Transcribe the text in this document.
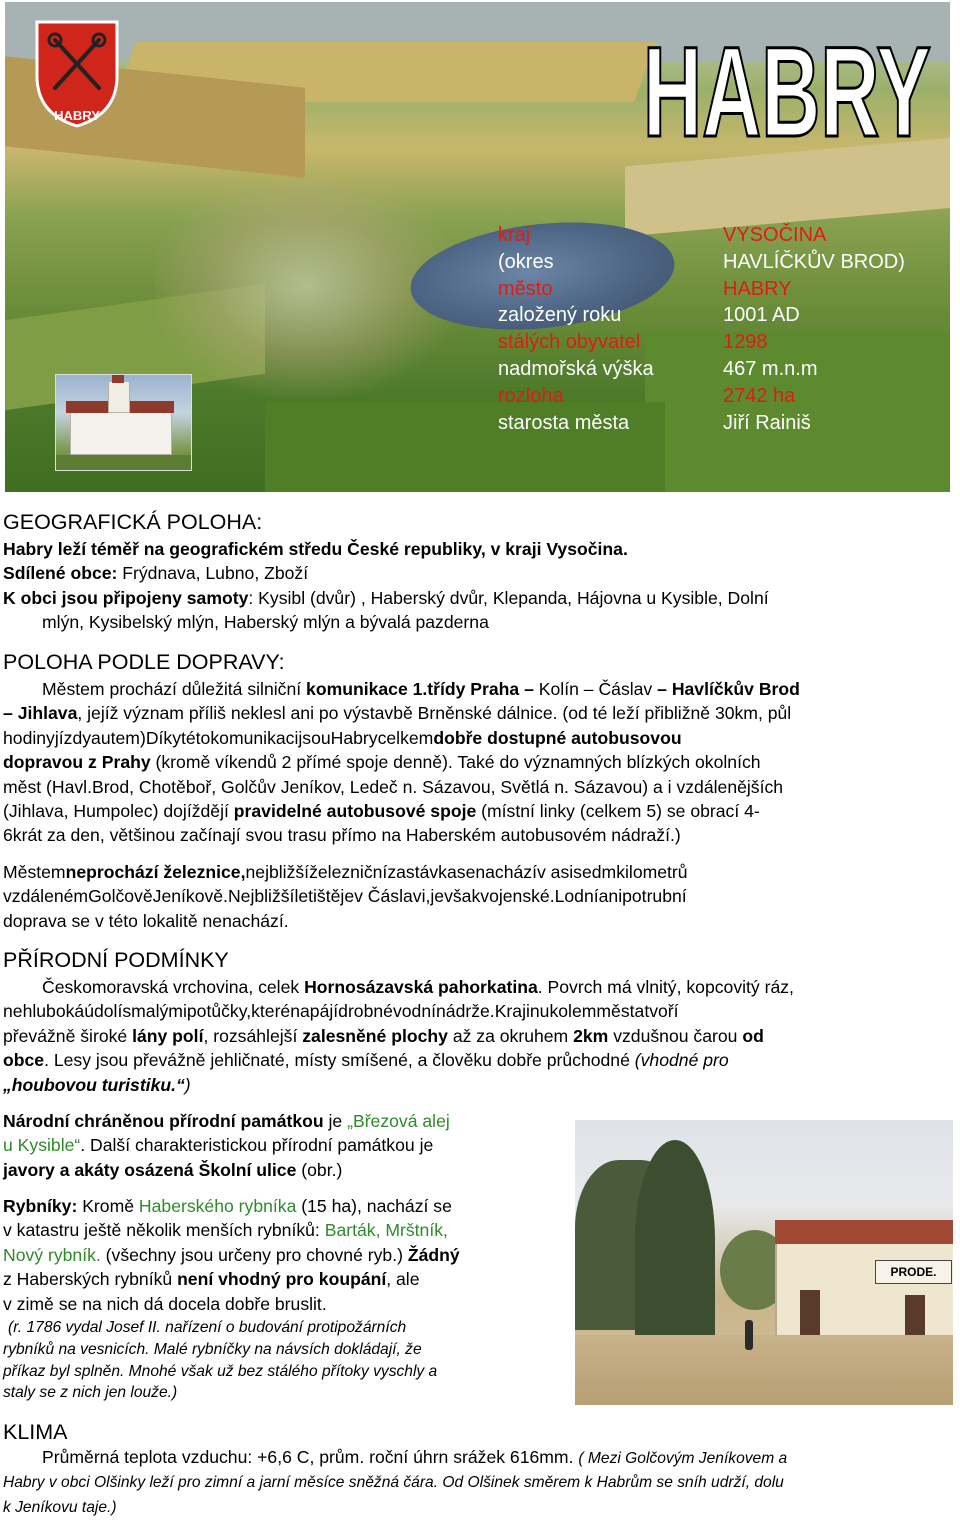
HABRY	HABRY
kraj	VYSOČINA
(okres	HAVLÍČKŮV BROD)
město	HABRY
založený roku	1001 AD
stálých obyvatel	1298
nadmořská výška	467 m.n.m
rozloha	2742 ha
starosta města	Jiří Rainiš
GEOGRAFICKÁ POLOHA:
Habry leží téměř na geografickém středu České republiky, v kraji Vysočina.
Sdílené obce: Frýdnava, Lubno, Zboží
K obci jsou připojeny samoty: Kysibl (dvůr) , Haberský dvůr, Klepanda, Hájovna u Kysible, Dolní
mlýn, Kysibelský mlýn, Haberský mlýn a bývalá pazderna
POLOHA PODLE DOPRAVY:
Městem prochází důležitá silniční komunikace 1.třídy Praha – Kolín – Čáslav – Havlíčkův Brod
– Jihlava, jejíž význam příliš neklesl ani po výstavbě Brněnské dálnice. (od té leží přibližně 30km, půl
hodinyjízdyautem)DíkytétokomunikacijsouHabrycelkemdobře dostupné autobusovou
dopravou z Prahy (kromě víkendů 2 přímé spoje denně). Také do významných blízkých okolních
měst (Havl.Brod, Chotěboř, Golčův Jeníkov, Ledeč n. Sázavou, Světlá n. Sázavou) a i vzdálenějších
(Jihlava, Humpolec) dojíždějí pravidelné autobusové spoje (místní linky (celkem 5) se obrací 4-
6krát za den, většinou začínají svou trasu přímo na Haberském autobusovém nádraží.)
Městemneprochází železnice,nejbližšíželezničnízastávkasenacházív asisedmkilometrů
vzdálenémGolčověJeníkově.Nejbližšíletištějev Čáslavi,jevšakvojenské.Lodníanipotrubní
doprava se v této lokalitě nenachází.
PŘÍRODNÍ PODMÍNKY
Českomoravská vrchovina, celek Hornosázavská pahorkatina. Povrch má vlnitý, kopcovitý ráz,
nehlubokáúdolísmalýmipotůčky,kterénapájídrobnévodnínádrže.Krajinukolemměstatvoří
převážně široké lány polí, rozsáhlejší zalesněné plochy až za okruhem 2km vzdušnou čarou od
obce. Lesy jsou převážně jehličnaté, místy smíšené, a člověku dobře průchodné (vhodné pro
„houbovou turistiku.“)
Národní chráněnou přírodní památkou je „Březová alej
u Kysible“. Další charakteristickou přírodní památkou je
javory a akáty osázená Školní ulice (obr.)
Rybníky: Kromě Haberského rybníka (15 ha), nachází se
v katastru ještě několik menších rybníků: Barták, Mrštník,
Nový rybník. (všechny jsou určeny pro chovné ryb.) Žádný
z Haberských rybníků není vhodný pro koupání, ale
v zimě se na nich dá docela dobře bruslit.
(r. 1786 vydal Josef II. nařízení o budování protipožárních
rybníků na vesnicích. Malé rybníčky na návsích dokládají, že
příkaz byl splněn. Mnohé však už bez stálého přítoky vyschly a
staly se z nich jen louže.)
PRODE.
KLIMA
Průměrná teplota vzduchu: +6,6 C, prům. roční úhrn srážek 616mm. ( Mezi Golčovým Jeníkovem a
Habry v obci Olšinky leží pro zimní a jarní měsíce sněžná čára. Od Olšinek směrem k Habrům se sníh udrží, dolu
k Jeníkovu taje.)
